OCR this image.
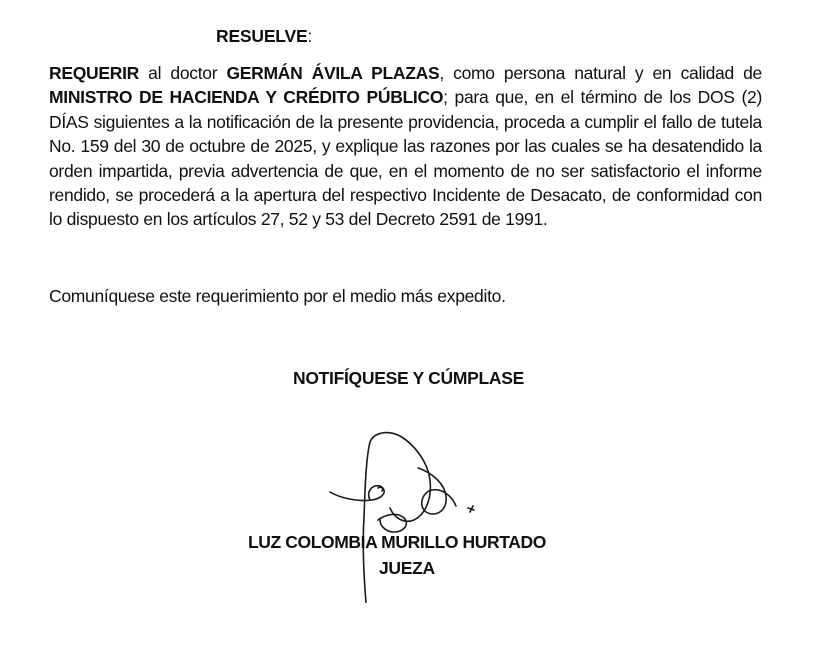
RESUELVE:

REQUERIR al doctor GERMÁN ÁVILA PLAZAS, como persona natural y en calidad de MINISTRO DE HACIENDA Y CRÉDITO PÚBLICO; para que, en el término de los DOS (2) DÍAS siguientes a la notificación de la presente providencia, proceda a cumplir el fallo de tutela No. 159 del 30 de octubre de 2025, y explique las razones por las cuales se ha desatendido la orden impartida, previa advertencia de que, en el momento de no ser satisfactorio el informe rendido, se procederá a la apertura del respectivo Incidente de Desacato, de conformidad con lo dispuesto en los artículos 27, 52 y 53 del Decreto 2591 de 1991.

Comuníquese este requerimiento por el medio más expedito.

NOTIFÍQUESE Y CÚMPLASE

LUZ COLOMBIA MURILLO HURTADO

JUEZA
